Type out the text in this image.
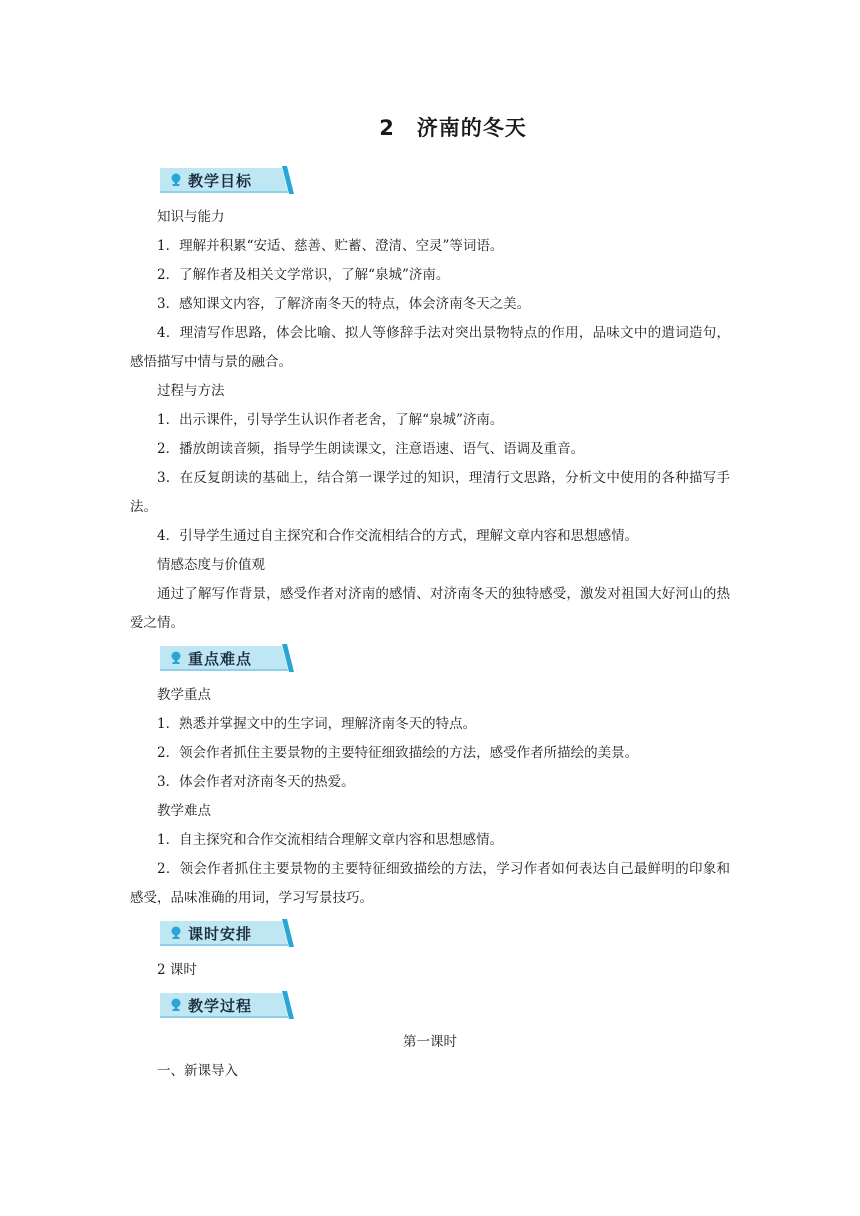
2　济南的冬天
教学目标

知识与能力

1．理解并积累“安适、慈善、贮蓄、澄清、空灵”等词语。

2．了解作者及相关文学常识，了解“泉城”济南。

3．感知课文内容，了解济南冬天的特点，体会济南冬天之美。

4．理清写作思路，体会比喻、拟人等修辞手法对突出景物特点的作用，品味文中的遣词造句，感悟描写中情与景的融合。

过程与方法

1．出示课件，引导学生认识作者老舍，了解“泉城”济南。

2．播放朗读音频，指导学生朗读课文，注意语速、语气、语调及重音。

3．在反复朗读的基础上，结合第一课学过的知识，理清行文思路，分析文中使用的各种描写手法。

4．引导学生通过自主探究和合作交流相结合的方式，理解文章内容和思想感情。

情感态度与价值观

通过了解写作背景，感受作者对济南的感情、对济南冬天的独特感受，激发对祖国大好河山的热爱之情。

重点难点

教学重点

1．熟悉并掌握文中的生字词，理解济南冬天的特点。

2．领会作者抓住主要景物的主要特征细致描绘的方法，感受作者所描绘的美景。

3．体会作者对济南冬天的热爱。

教学难点

1．自主探究和合作交流相结合理解文章内容和思想感情。

2．领会作者抓住主要景物的主要特征细致描绘的方法，学习作者如何表达自己最鲜明的印象和感受，品味准确的用词，学习写景技巧。

课时安排

2 课时

教学过程

第一课时

一、新课导入
